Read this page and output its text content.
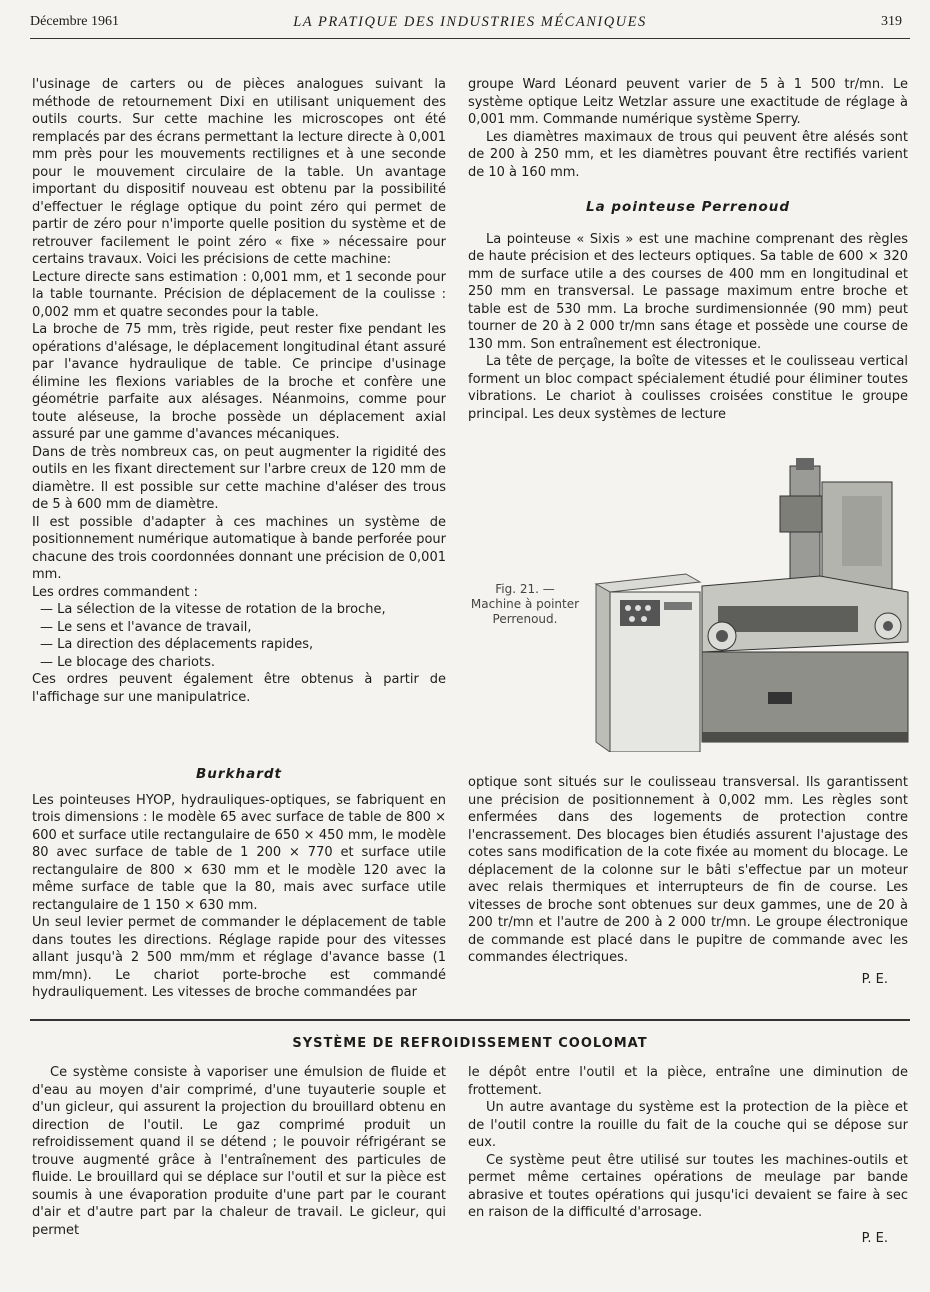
Décembre 1961	LA PRATIQUE DES INDUSTRIES MÉCANIQUES	319

l'usinage de carters ou de pièces analogues suivant la méthode de retournement Dixi en utilisant uniquement des outils courts. Sur cette machine les microscopes ont été remplacés par des écrans permettant la lecture directe à 0,001 mm près pour les mouvements rectilignes et à une seconde pour le mouvement circulaire de la table. Un avantage important du dispositif nouveau est obtenu par la possibilité d'effectuer le réglage optique du point zéro qui permet de partir de zéro pour n'importe quelle position du système et de retrouver facilement le point zéro « fixe » nécessaire pour certains travaux. Voici les précisions de cette machine:

Lecture directe sans estimation : 0,001 mm, et 1 seconde pour la table tournante. Précision de déplacement de la coulisse : 0,002 mm et quatre secondes pour la table.

La broche de 75 mm, très rigide, peut rester fixe pendant les opérations d'alésage, le déplacement longitudinal étant assuré par l'avance hydraulique de table. Ce principe d'usinage élimine les flexions variables de la broche et confère une géométrie parfaite aux alésages. Néanmoins, comme pour toute aléseuse, la broche possède un déplacement axial assuré par une gamme d'avances mécaniques.

Dans de très nombreux cas, on peut augmenter la rigidité des outils en les fixant directement sur l'arbre creux de 120 mm de diamètre. Il est possible sur cette machine d'aléser des trous de 5 à 600 mm de diamètre.

Il est possible d'adapter à ces machines un système de positionnement numérique automatique à bande perforée pour chacune des trois coordonnées donnant une précision de 0,001 mm.

Les ordres commandent :

— La sélection de la vitesse de rotation de la broche,

— Le sens et l'avance de travail,

— La direction des déplacements rapides,

— Le blocage des chariots.

Ces ordres peuvent également être obtenus à partir de l'affichage sur une manipulatrice.

Burkhardt

Les pointeuses HYOP, hydrauliques-optiques, se fabriquent en trois dimensions : le modèle 65 avec surface de table de 800 × 600 et surface utile rectangulaire de 650 × 450 mm, le modèle 80 avec surface de table de 1 200 × 770 et surface utile rectangulaire de 800 × 630 mm et le modèle 120 avec la même surface de table que la 80, mais avec surface utile rectangulaire de 1 150 × 630 mm.

Un seul levier permet de commander le déplacement de table dans toutes les directions. Réglage rapide pour des vitesses allant jusqu'à 2 500 mm/mm et réglage d'avance basse (1 mm/mn). Le chariot porte-broche est commandé hydrauliquement. Les vitesses de broche commandées par

groupe Ward Léonard peuvent varier de 5 à 1 500 tr/mn. Le système optique Leitz Wetzlar assure une exactitude de réglage à 0,001 mm. Commande numérique système Sperry.

Les diamètres maximaux de trous qui peuvent être alésés sont de 200 à 250 mm, et les diamètres pouvant être rectifiés varient de 10 à 160 mm.

La pointeuse Perrenoud

La pointeuse « Sixis » est une machine comprenant des règles de haute précision et des lecteurs optiques. Sa table de 600 × 320 mm de surface utile a des courses de 400 mm en longitudinal et 250 mm en transversal. Le passage maximum entre broche et table est de 530 mm. La broche surdimensionnée (90 mm) peut tourner de 20 à 2 000 tr/mn sans étage et possède une course de 130 mm. Son entraînement est électronique.

La tête de perçage, la boîte de vitesses et le coulisseau vertical forment un bloc compact spécialement étudié pour éliminer toutes vibrations. Le chariot à coulisses croisées constitue le groupe principal. Les deux systèmes de lecture

Fig. 21. —
Machine à pointer
Perrenoud.

optique sont situés sur le coulisseau transversal. Ils garantissent une précision de positionnement à 0,002 mm. Les règles sont enfermées dans des logements de protection contre l'encrassement. Des blocages bien étudiés assurent l'ajustage des cotes sans modification de la cote fixée au moment du blocage. Le déplacement de la colonne sur le bâti s'effectue par un moteur avec relais thermiques et interrupteurs de fin de course. Les vitesses de broche sont obtenues sur deux gammes, une de 20 à 200 tr/mn et l'autre de 200 à 2 000 tr/mn. Le groupe électronique de commande est placé dans le pupitre de commande avec les commandes électriques.

P. E.

SYSTÈME DE REFROIDISSEMENT COOLOMAT

Ce système consiste à vaporiser une émulsion de fluide et d'eau au moyen d'air comprimé, d'une tuyauterie souple et d'un gicleur, qui assurent la projection du brouillard obtenu en direction de l'outil. Le gaz comprimé produit un refroidissement quand il se détend ; le pouvoir réfrigérant se trouve augmenté grâce à l'entraînement des particules de fluide. Le brouillard qui se déplace sur l'outil et sur la pièce est soumis à une évaporation produite d'une part par le courant d'air et d'autre part par la chaleur de travail. Le gicleur, qui permet

le dépôt entre l'outil et la pièce, entraîne une diminution de frottement.

Un autre avantage du système est la protection de la pièce et de l'outil contre la rouille du fait de la couche qui se dépose sur eux.

Ce système peut être utilisé sur toutes les machines-outils et permet même certaines opérations de meulage par bande abrasive et toutes opérations qui jusqu'ici devaient se faire à sec en raison de la difficulté d'arrosage.

P. E.
